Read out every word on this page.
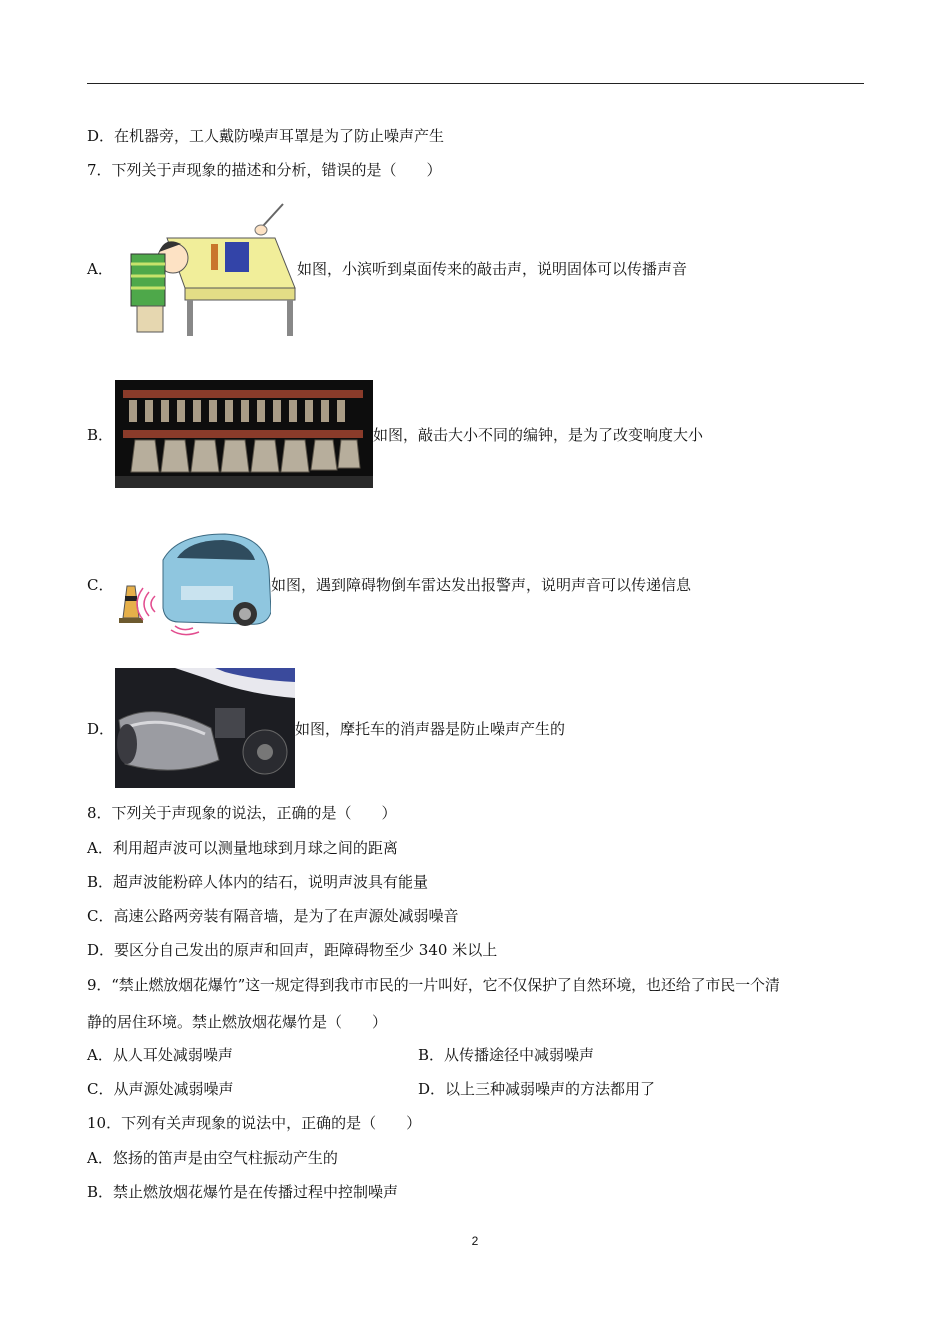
D．在机器旁，工人戴防噪声耳罩是为了防止噪声产生
7．下列关于声现象的描述和分析，错误的是（　　）
A．	如图，小滨听到桌面传来的敲击声，说明固体可以传播声音
B．	如图，敲击大小不同的编钟，是为了改变响度大小
C．	如图，遇到障碍物倒车雷达发出报警声，说明声音可以传递信息
D．	如图，摩托车的消声器是防止噪声产生的
8．下列关于声现象的说法，正确的是（　　）
A．利用超声波可以测量地球到月球之间的距离
B．超声波能粉碎人体内的结石，说明声波具有能量
C．高速公路两旁装有隔音墙，是为了在声源处减弱噪音
D．要区分自己发出的原声和回声，距障碍物至少 340 米以上
9．“禁止燃放烟花爆竹”这一规定得到我市市民的一片叫好，它不仅保护了自然环境，也还给了市民一个清
静的居住环境。禁止燃放烟花爆竹是（　　）
A．从人耳处减弱噪声	B．从传播途径中减弱噪声
C．从声源处减弱噪声	D．以上三种减弱噪声的方法都用了
10．下列有关声现象的说法中，正确的是（　　）
A．悠扬的笛声是由空气柱振动产生的
B．禁止燃放烟花爆竹是在传播过程中控制噪声
2
